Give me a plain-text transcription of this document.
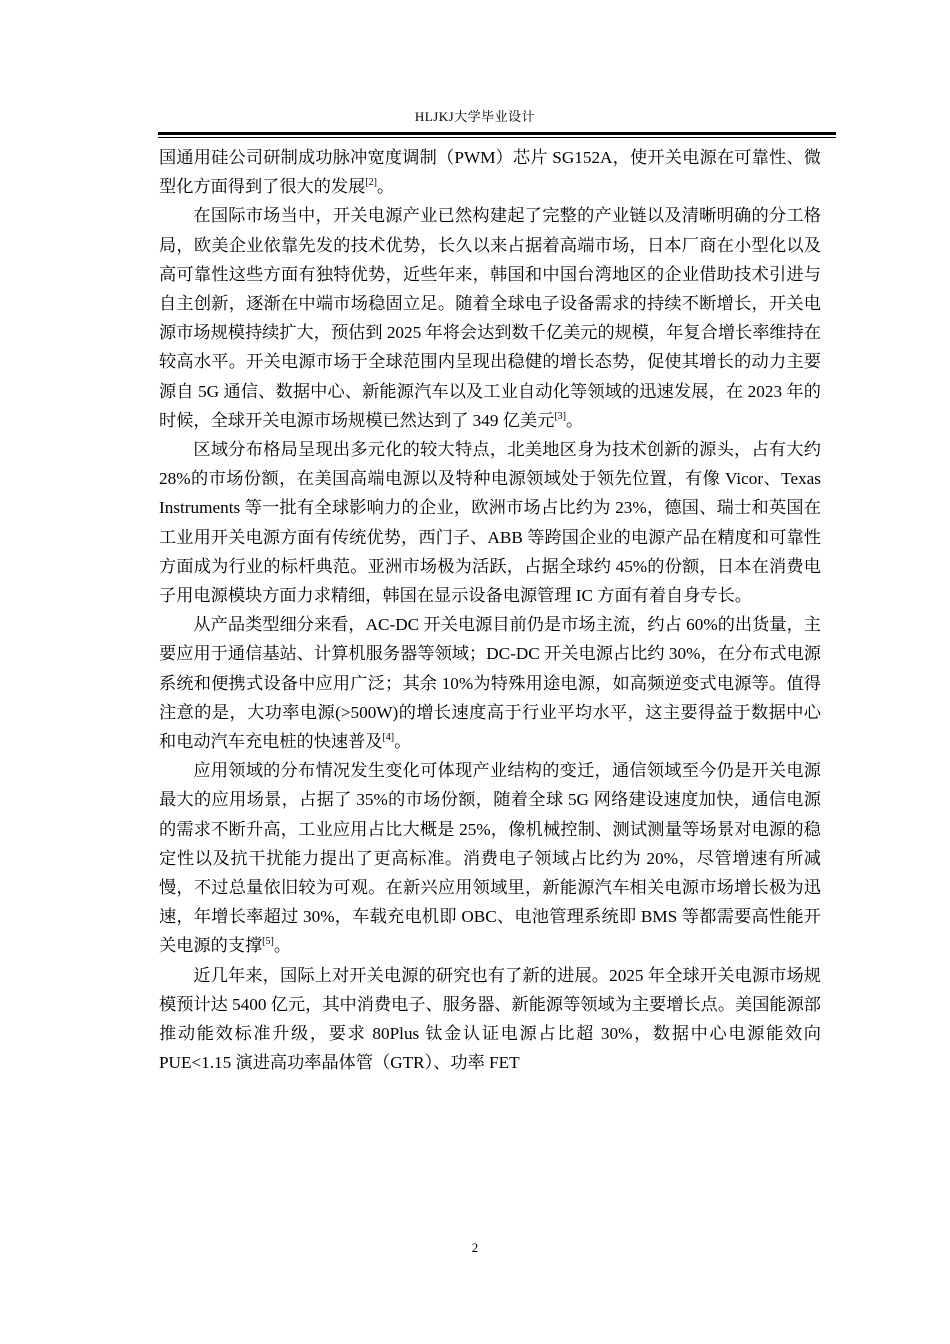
HLJKJ大学毕业设计

国通用硅公司研制成功脉冲宽度调制（PWM）芯片 SG152A，使开关电源在可靠性、微型化方面得到了很大的发展[2]。

在国际市场当中，开关电源产业已然构建起了完整的产业链以及清晰明确的分工格局，欧美企业依靠先发的技术优势，长久以来占据着高端市场，日本厂商在小型化以及高可靠性这些方面有独特优势，近些年来，韩国和中国台湾地区的企业借助技术引进与自主创新，逐渐在中端市场稳固立足。随着全球电子设备需求的持续不断增长，开关电源市场规模持续扩大，预估到 2025 年将会达到数千亿美元的规模，年复合增长率维持在较高水平。开关电源市场于全球范围内呈现出稳健的增长态势，促使其增长的动力主要源自 5G 通信、数据中心、新能源汽车以及工业自动化等领域的迅速发展，在 2023 年的时候，全球开关电源市场规模已然达到了 349 亿美元[3]。

区域分布格局呈现出多元化的较大特点，北美地区身为技术创新的源头，占有大约 28%的市场份额，在美国高端电源以及特种电源领域处于领先位置，有像 Vicor、Texas Instruments 等一批有全球影响力的企业，欧洲市场占比约为 23%，德国、瑞士和英国在工业用开关电源方面有传统优势，西门子、ABB 等跨国企业的电源产品在精度和可靠性方面成为行业的标杆典范。亚洲市场极为活跃，占据全球约 45%的份额，日本在消费电子用电源模块方面力求精细，韩国在显示设备电源管理 IC 方面有着自身专长。

从产品类型细分来看，AC-DC 开关电源目前仍是市场主流，约占 60%的出货量，主要应用于通信基站、计算机服务器等领域；DC-DC 开关电源占比约 30%，在分布式电源系统和便携式设备中应用广泛；其余 10%为特殊用途电源，如高频逆变式电源等。值得注意的是，大功率电源(>500W)的增长速度高于行业平均水平，这主要得益于数据中心和电动汽车充电桩的快速普及[4]。

应用领域的分布情况发生变化可体现产业结构的变迁，通信领域至今仍是开关电源最大的应用场景，占据了 35%的市场份额，随着全球 5G 网络建设速度加快，通信电源的需求不断升高，工业应用占比大概是 25%，像机械控制、测试测量等场景对电源的稳定性以及抗干扰能力提出了更高标准。消费电子领域占比约为 20%，尽管增速有所减慢，不过总量依旧较为可观。在新兴应用领域里，新能源汽车相关电源市场增长极为迅速，年增长率超过 30%，车载充电机即 OBC、电池管理系统即 BMS 等都需要高性能开关电源的支撑[5]。

近几年来，国际上对开关电源的研究也有了新的进展。2025 年全球开关电源市场规模预计达 5400 亿元，其中消费电子、服务器、新能源等领域为主要增长点。美国能源部推动能效标准升级，要求 80Plus 钛金认证电源占比超 30%，数据中心电源能效向 PUE<1.15 演进高功率晶体管（GTR）、功率 FET

2
